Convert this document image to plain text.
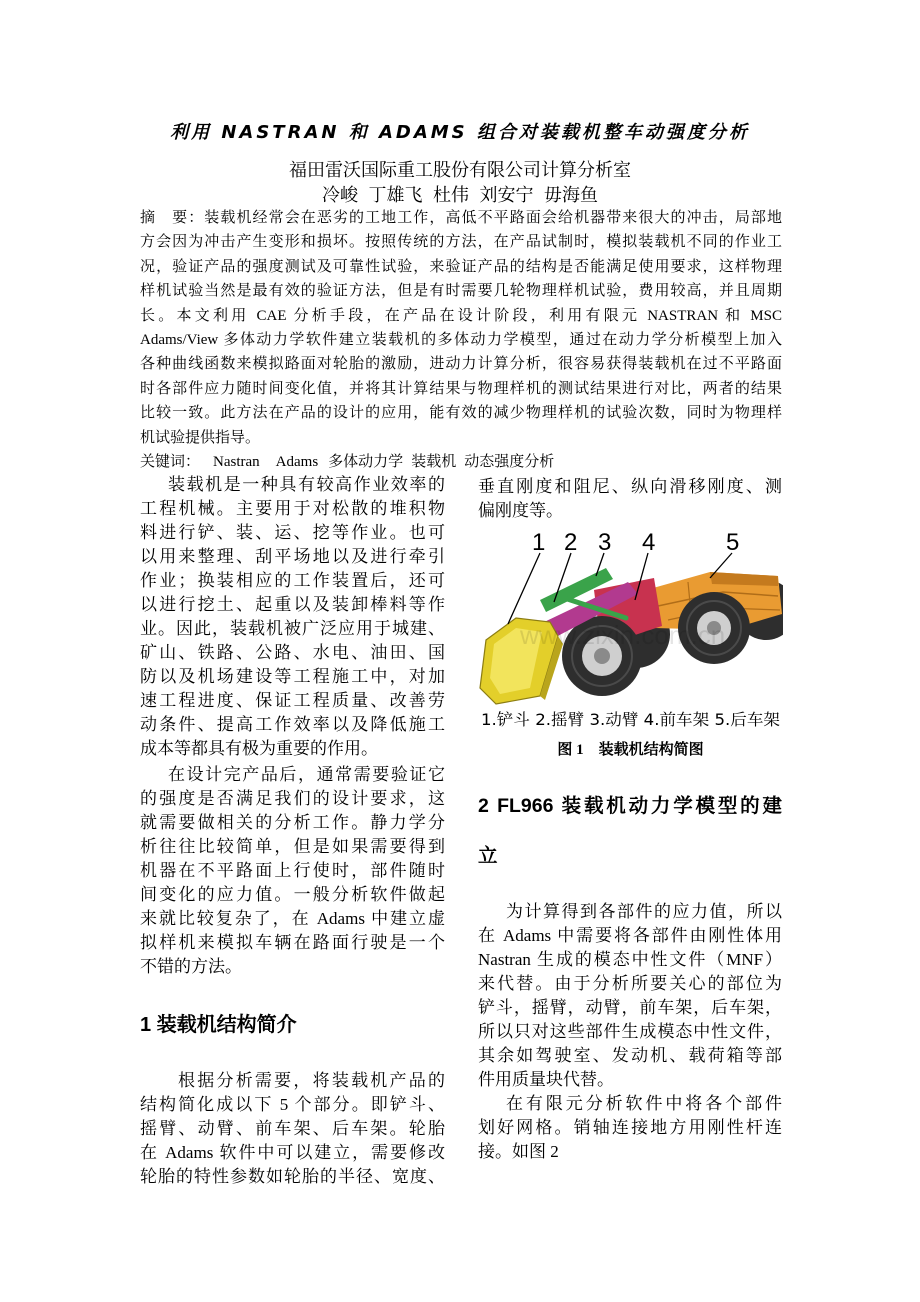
利用 NASTRAN 和 ADAMS 组合对装载机整车动强度分析
福田雷沃国际重工股份有限公司计算分析室
冷峻 丁雄飞 杜伟 刘安宁 毋海鱼
摘　要：装载机经常会在恶劣的工地工作，高低不平路面会给机器带来很大的冲击，局部地
方会因为冲击产生变形和损坏。按照传统的方法，在产品试制时，模拟装载机不同的作业工
况，验证产品的强度测试及可靠性试验，来验证产品的结构是否能满足使用要求，这样物理
样机试验当然是最有效的验证方法，但是有时需要几轮物理样机试验，费用较高，并且周期
长。本文利用 CAE 分析手段，在产品在设计阶段，利用有限元 NASTRAN 和 MSC
Adams/View 多体动力学软件建立装载机的多体动力学模型，通过在动力学分析模型上加入
各种曲线函数来模拟路面对轮胎的激励，进动力计算分析，很容易获得装载机在过不平路面
时各部件应力随时间变化值，并将其计算结果与物理样机的测试结果进行对比，两者的结果
比较一致。此方法在产品的设计的应用，能有效的减少物理样机的试验次数，同时为物理样
机试验提供指导。
关键词： Nastran Adams 多体动力学 装载机 动态强度分析
装载机是一种具有较高作业效率的
工程机械。主要用于对松散的堆积物
料进行铲、装、运、挖等作业。也可
以用来整理、刮平场地以及进行牵引
作业；换装相应的工作装置后，还可
以进行挖土、起重以及装卸棒料等作
业。因此，装载机被广泛应用于城建、
矿山、铁路、公路、水电、油田、国
防以及机场建设等工程施工中，对加
速工程进度、保证工程质量、改善劳
动条件、提高工作效率以及降低施工
成本等都具有极为重要的作用。
在设计完产品后，通常需要验证它
的强度是否满足我们的设计要求，这
就需要做相关的分析工作。静力学分
析往往比较简单，但是如果需要得到
机器在不平路面上行使时，部件随时
间变化的应力值。一般分析软件做起
来就比较复杂了，在 Adams 中建立虚
拟样机来模拟车辆在路面行驶是一个
不错的方法。
1 装载机结构简介
根据分析需要，将装载机产品的
结构简化成以下 5 个部分。即铲斗、
摇臂、动臂、前车架、后车架。轮胎
在 Adams 软件中可以建立，需要修改
轮胎的特性参数如轮胎的半径、宽度、
垂直刚度和阻尼、纵向滑移刚度、测
偏刚度等。
www.zixin.com.cn
1 2 3 4	5
1.铲斗 2.摇臂 3.动臂 4.前车架 5.后车架
图 1　装载机结构简图
2 FL966 装载机动力学模型的建
立
为计算得到各部件的应力值，所以
在 Adams 中需要将各部件由刚性体用
Nastran 生成的模态中性文件（MNF）
来代替。由于分析所要关心的部位为
铲斗，摇臂，动臂，前车架，后车架，
所以只对这些部件生成模态中性文件，
其余如驾驶室、发动机、载荷箱等部
件用质量块代替。
在有限元分析软件中将各个部件
划好网格。销轴连接地方用刚性杆连
接。如图 2
